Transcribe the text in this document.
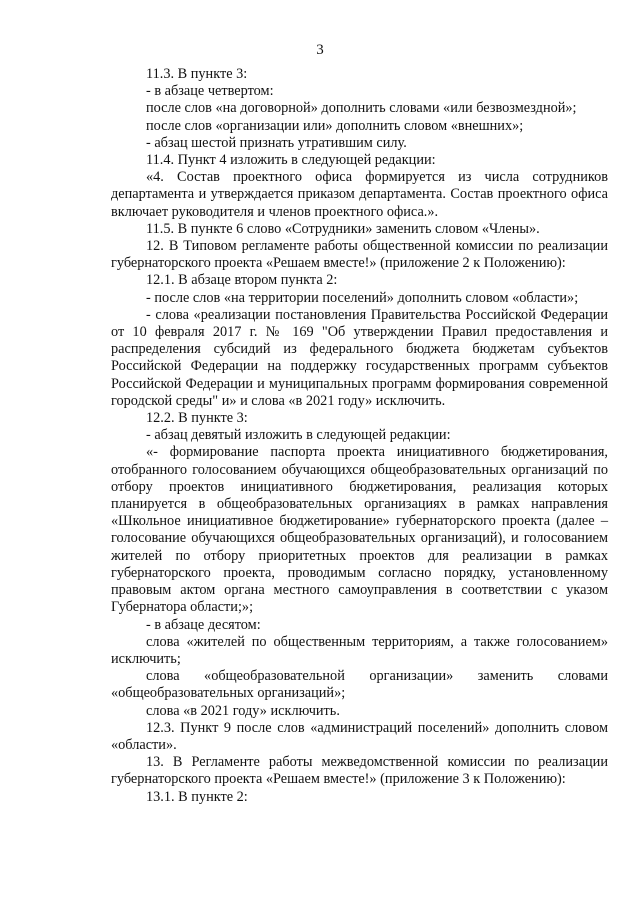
3

11.3. В пункте 3:

- в абзаце четвертом:

после слов «на договорной» дополнить словами «или безвозмездной»;

после слов «организации или» дополнить словом «внешних»;

- абзац шестой признать утратившим силу.

11.4. Пункт 4 изложить в следующей редакции:

«4. Состав проектного офиса формируется из числа сотрудников департамента и утверждается приказом департамента. Состав проектного офиса включает руководителя и членов проектного офиса.».

11.5. В пункте 6 слово «Сотрудники» заменить словом «Члены».

12. В Типовом регламенте работы общественной комиссии по реализации губернаторского проекта «Решаем вместе!» (приложение 2 к Положению):

12.1. В абзаце втором пункта 2:

- после слов «на территории поселений» дополнить словом «области»;

- слова «реализации постановления Правительства Российской Федерации от 10 февраля 2017 г. № 169 "Об утверждении Правил предоставления и распределения субсидий из федерального бюджета бюджетам субъектов Российской Федерации на поддержку государственных программ субъектов Российской Федерации и муниципальных программ формирования современной городской среды" и» и слова «в 2021 году» исключить.

12.2. В пункте 3:

- абзац девятый изложить в следующей редакции:

«- формирование паспорта проекта инициативного бюджетирования, отобранного голосованием обучающихся общеобразовательных организаций по отбору проектов инициативного бюджетирования, реализация которых планируется в общеобразовательных организациях в рамках направления «Школьное инициативное бюджетирование» губернаторского проекта (далее – голосование обучающихся общеобразовательных организаций), и голосованием жителей по отбору приоритетных проектов для реализации в рамках губернаторского проекта, проводимым согласно порядку, установленному правовым актом органа местного самоуправления в соответствии с указом Губернатора области;»;

- в абзаце десятом:

слова «жителей по общественным территориям, а также голосованием» исключить;

слова «общеобразовательной организации» заменить словами «общеобразовательных организаций»;

слова «в 2021 году» исключить.

12.3. Пункт 9 после слов «администраций поселений» дополнить словом «области».

13. В Регламенте работы межведомственной комиссии по реализации губернаторского проекта «Решаем вместе!» (приложение 3 к Положению):

13.1. В пункте 2:
